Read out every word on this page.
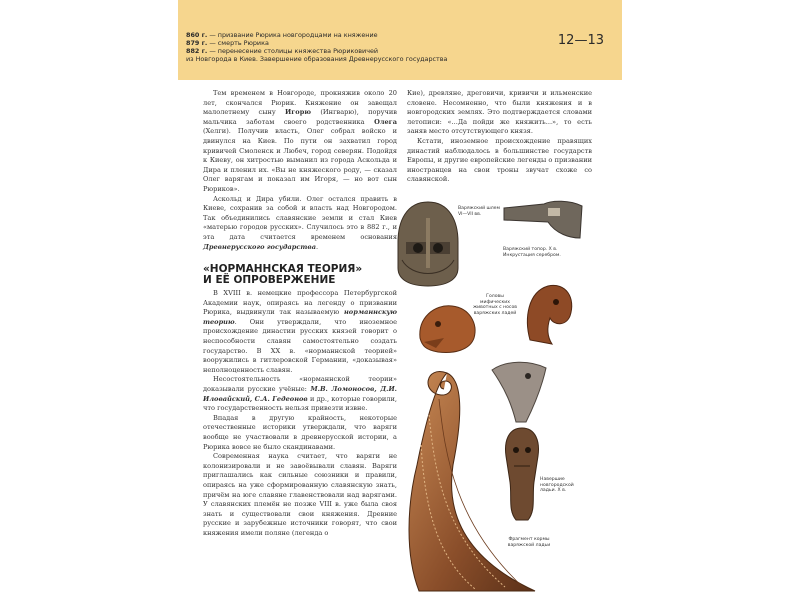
860 г. — призвание Рюрика новгородцами на княжение
879 г. — смерть Рюрика
882 г. — перенесение столицы княжества Рюриковичей
из Новгорода в Киев. Завершение образования Древнерусского государства
12—13

Тем временем в Новгороде, прокняжив около 20 лет, скончался Рюрик. Княжение он завещал малолетнему сыну Игорю (Ингварю), поручив мальчика заботам своего родственника Олега (Хелги). Получив власть, Олег собрал войско и двинулся на Киев. По пути он захватил город кривичей Смоленск и Любеч, город северян. Подойдя к Киеву, он хитростью выманил из города Аскольда и Дира и пленил их. «Вы не княжеского роду, — сказал Олег варягам и показал им Игоря, — но вот сын Рюриков».

Аскольд и Дира убили. Олег остался править в Киеве, сохранив за собой и власть над Новгородом. Так объединились славянские земли и стал Киев «матерью городов русских». Случилось это в 882 г., и эта дата считается временем основания Древнерусского государства.

«НОРМАННСКАЯ ТЕОРИЯ»
И ЕЁ ОПРОВЕРЖЕНИЕ

В XVIII в. немецкие профессора Петербургской Академии наук, опираясь на легенду о призвании Рюрика, выдвинули так называемую норманнскую теорию. Они утверждали, что иноземное происхождение династии русских князей говорит о неспособности славян самостоятельно создать государство. В XX в. «норманнской теорией» вооружились в гитлеровской Германии, «доказывая» неполноценность славян.

Несостоятельность «норманнской теории» доказывали русские учёные: М.В. Ломоносов, Д.И. Иловайский, С.А. Гедеонов и др., которые говорили, что государственность нельзя привезти извне.

Впадая в другую крайность, некоторые отечественные историки утверждали, что варяги вообще не участвовали в древнерусской истории, а Рюрика вовсе не было скандинавами.

Современная наука считает, что варяги не колонизировали и не завоёвывали славян. Варяги приглашались как сильные союзники и правили, опираясь на уже сформированную славянскую знать, причём на юге славяне главенствовали над варягами. У славянских племён не позже VIII в. уже была своя знать и существовали свои княжения. Древние русские и зарубежные источники говорят, что свои княжения имели поляне (легенда о

Кие), древляне, дреговичи, кривичи и ильменские словене. Несомненно, что были княжения и в новгородских землях. Это подтверждается словами летописи: «...Да пойди же княжить...», то есть заняв место отсутствующего князя.

Кстати, иноземное происхождение правящих династий наблюдалось в большинстве государств Европы, и другие европейские легенды о призвании иностранцев на свои троны звучат схоже со славянской.

Варяжский шлем VI—VII вв.
Варяжский топор. X в. Инкрустация серебром.
Головы мифических животных с носов варяжских ладей
Навершие новгородской ладьи. X в.
Фрагмент кормы варяжской ладьи
